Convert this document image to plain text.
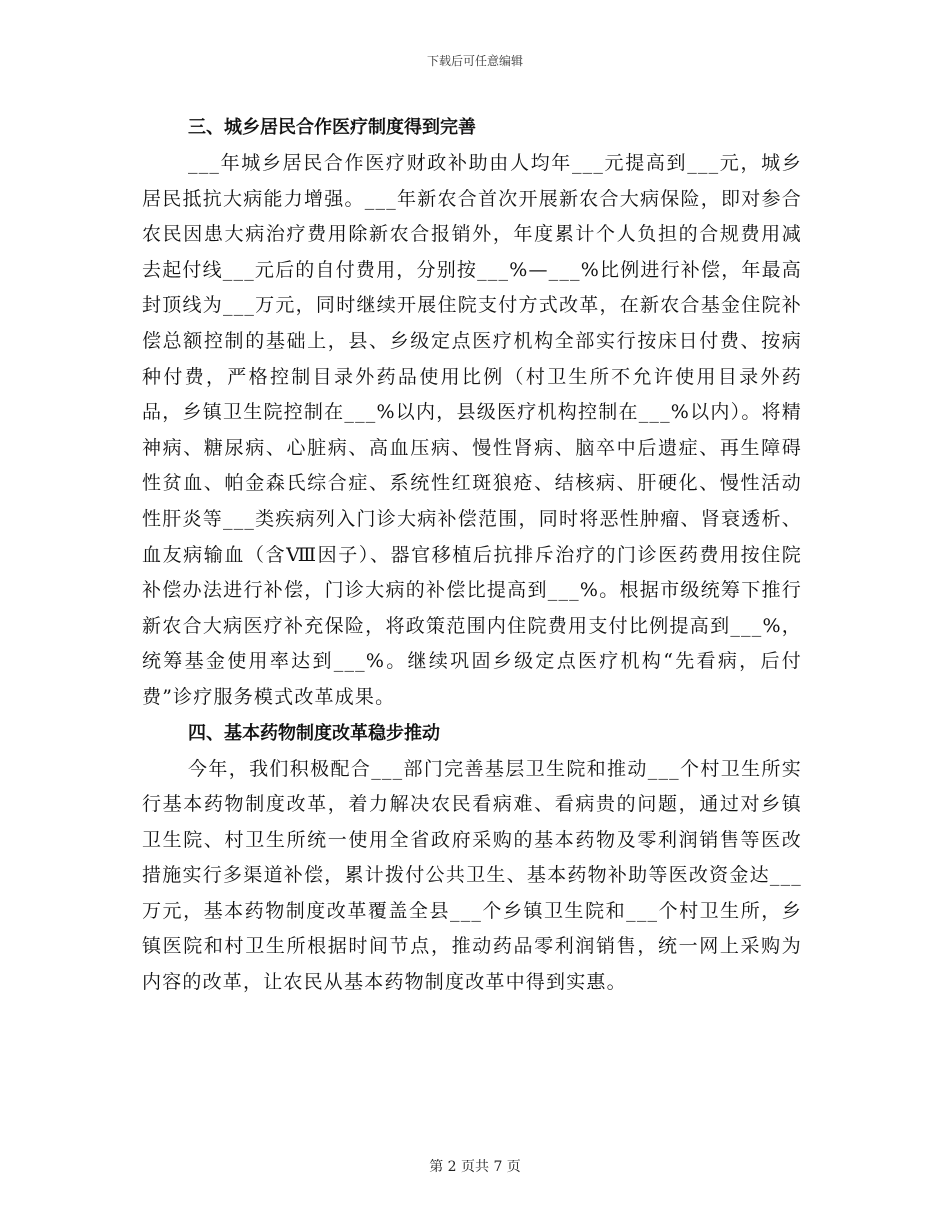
下载后可任意编辑
三、城乡居民合作医疗制度得到完善

___年城乡居民合作医疗财政补助由人均年___元提高到___元，城乡居民抵抗大病能力增强。___年新农合首次开展新农合大病保险，即对参合农民因患大病治疗费用除新农合报销外，年度累计个人负担的合规费用减去起付线___元后的自付费用，分别按___%—___%比例进行补偿，年最高封顶线为___万元，同时继续开展住院支付方式改革，在新农合基金住院补偿总额控制的基础上，县、乡级定点医疗机构全部实行按床日付费、按病种付费，严格控制目录外药品使用比例（村卫生所不允许使用目录外药品，乡镇卫生院控制在___%以内，县级医疗机构控制在___%以内）。将精神病、糖尿病、心脏病、高血压病、慢性肾病、脑卒中后遗症、再生障碍性贫血、帕金森氏综合症、系统性红斑狼疮、结核病、肝硬化、慢性活动性肝炎等___类疾病列入门诊大病补偿范围，同时将恶性肿瘤、肾衰透析、血友病输血（含Ⅷ因子）、器官移植后抗排斥治疗的门诊医药费用按住院补偿办法进行补偿，门诊大病的补偿比提高到___%。根据市级统筹下推行新农合大病医疗补充保险，将政策范围内住院费用支付比例提高到___%，统筹基金使用率达到___%。继续巩固乡级定点医疗机构“先看病，后付费”诊疗服务模式改革成果。

四、基本药物制度改革稳步推动

今年，我们积极配合___部门完善基层卫生院和推动___个村卫生所实行基本药物制度改革，着力解决农民看病难、看病贵的问题，通过对乡镇卫生院、村卫生所统一使用全省政府采购的基本药物及零利润销售等医改措施实行多渠道补偿，累计拨付公共卫生、基本药物补助等医改资金达___万元，基本药物制度改革覆盖全县___个乡镇卫生院和___个村卫生所，乡镇医院和村卫生所根据时间节点，推动药品零利润销售，统一网上采购为内容的改革，让农民从基本药物制度改革中得到实惠。

第 2 页共 7 页
